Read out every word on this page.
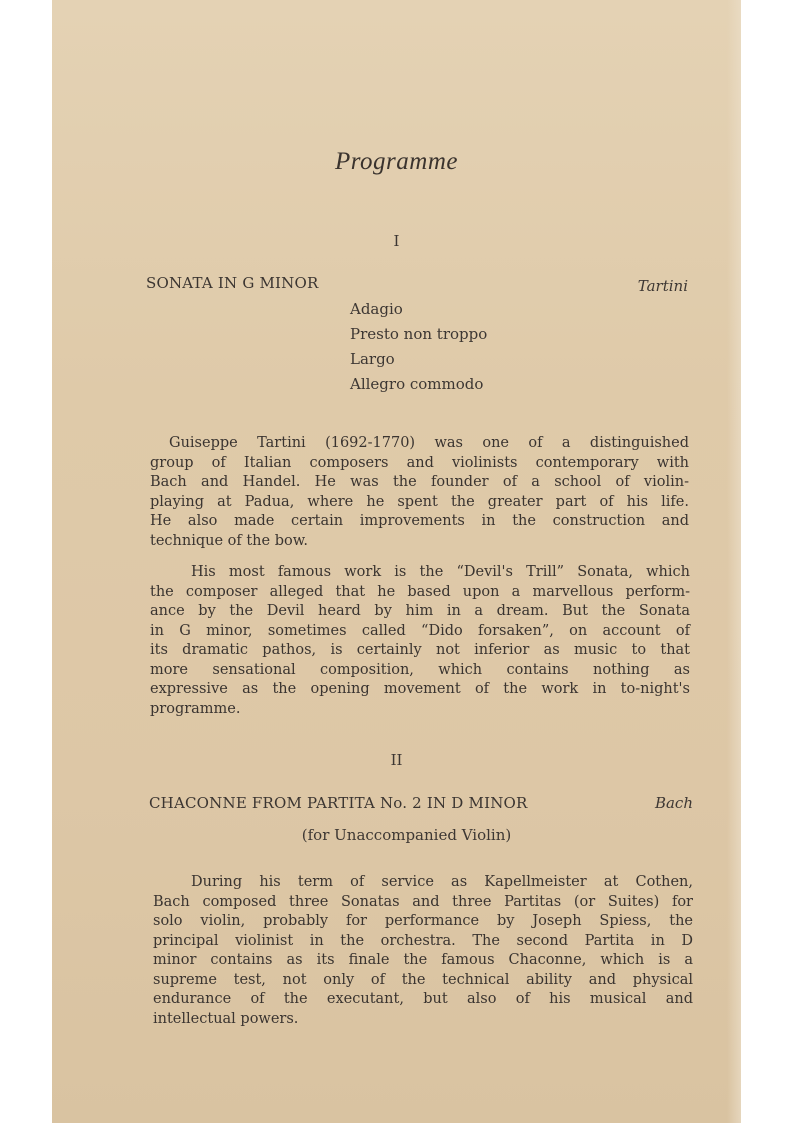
Programme
I
SONATA IN G MINOR	Tartini
Adagio
Presto non troppo
Largo
Allegro commodo
Guiseppe Tartini (1692-1770) was one of a distinguished
group of Italian composers and violinists contemporary with
Bach and Handel. He was the founder of a school of violin-
playing at Padua, where he spent the greater part of his life.
He also made certain improvements in the construction and
technique of the bow.
His most famous work is the “Devil's Trill” Sonata, which
the composer alleged that he based upon a marvellous perform-
ance by the Devil heard by him in a dream. But the Sonata
in G minor, sometimes called “Dido forsaken”, on account of
its dramatic pathos, is certainly not inferior as music to that
more sensational composition, which contains nothing as
expressive as the opening movement of the work in to-night's
programme.
II
CHACONNE FROM PARTITA No. 2 IN D MINOR	Bach
(for Unaccompanied Violin)
During his term of service as Kapellmeister at Cothen,
Bach composed three Sonatas and three Partitas (or Suites) for
solo violin, probably for performance by Joseph Spiess, the
principal violinist in the orchestra. The second Partita in D
minor contains as its finale the famous Chaconne, which is a
supreme test, not only of the technical ability and physical
endurance of the executant, but also of his musical and
intellectual powers.
